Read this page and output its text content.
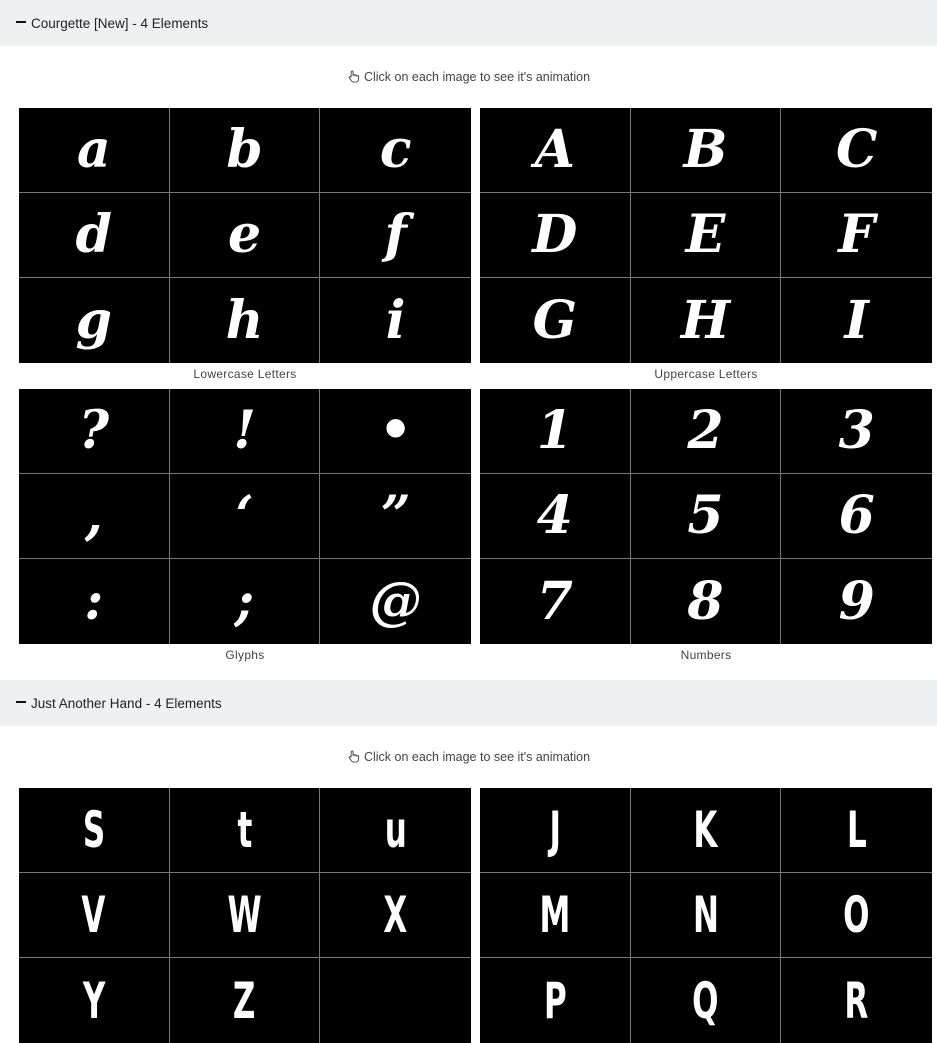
Courgette [New] - 4 Elements
Click on each image to see it's animation
a b c
d e f
g h i
Lowercase Letters
A B C
D E F
G H I
Uppercase Letters
? ! •
,	‘ ”
:	; @
Glyphs
1 2 3
4 5 6
7 8 9
Numbers
Just Another Hand - 4 Elements
Click on each image to see it's animation
S	t	u
V W X
Y	Z
J	K	L
M N	O
P	Q	R
